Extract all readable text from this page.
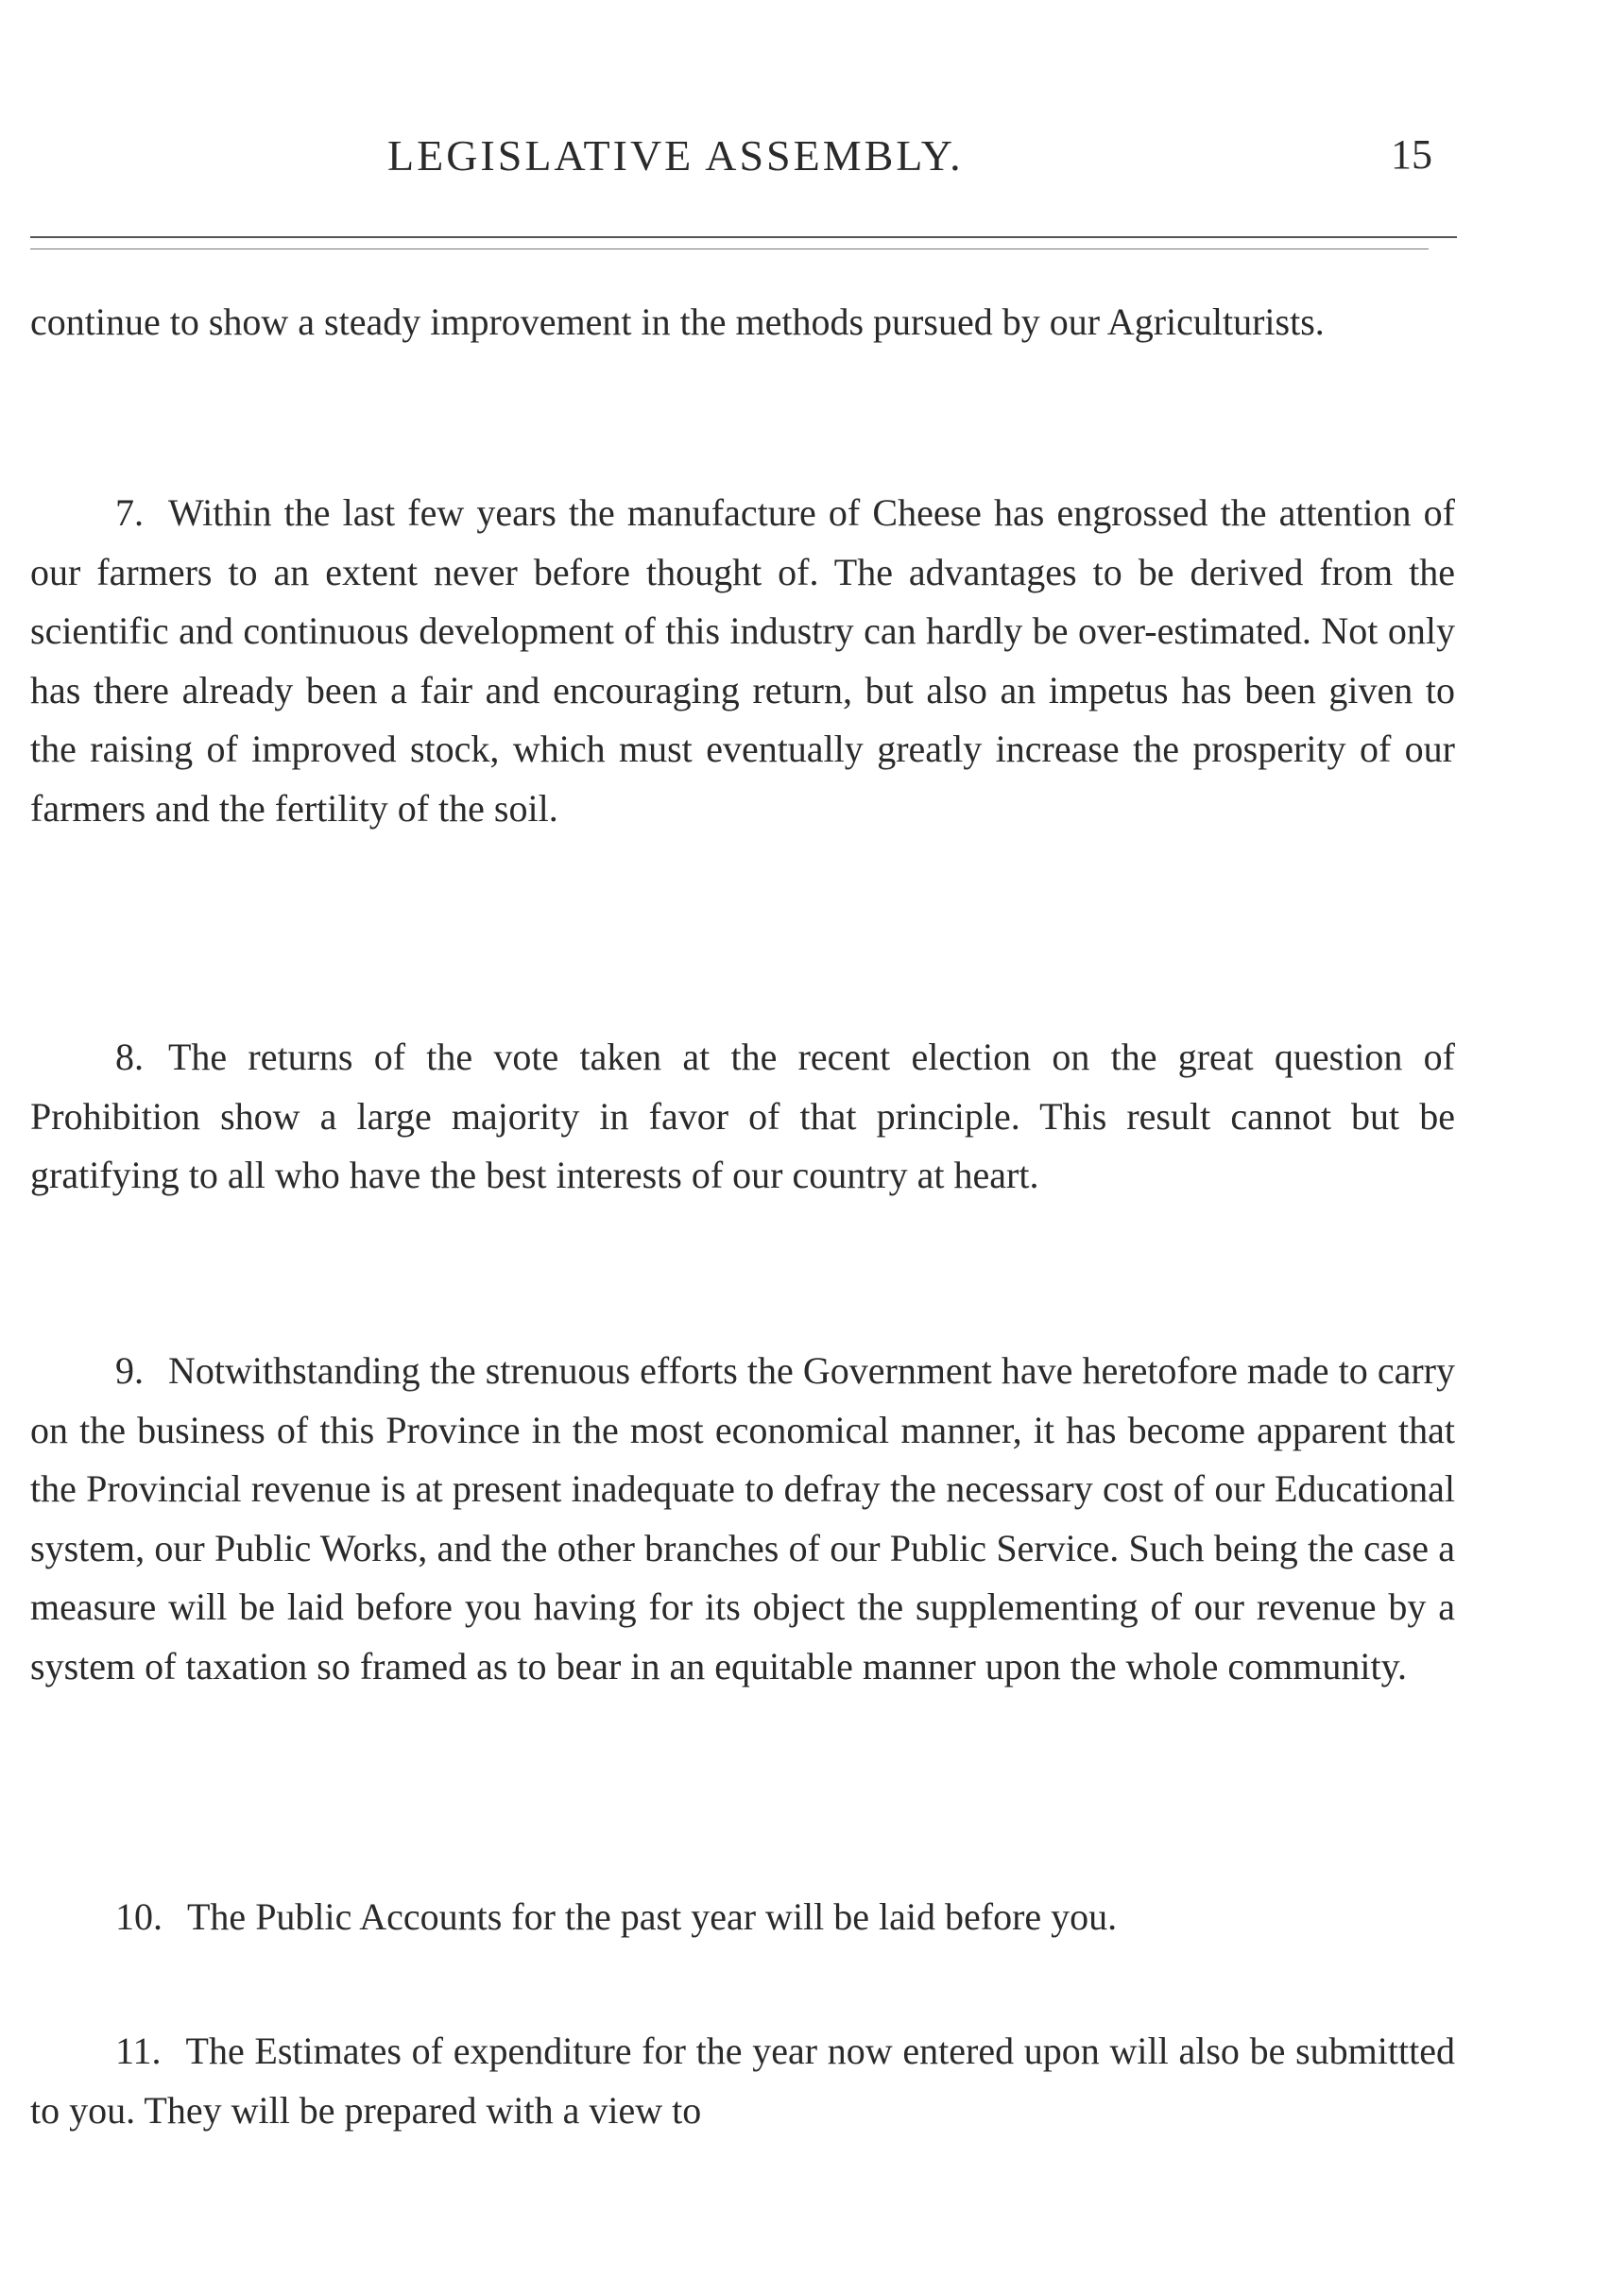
LEGISLATIVE ASSEMBLY.	15

continue to show a steady improvement in the methods pursued by our Agriculturists.

7. Within the last few years the manufacture of Cheese has engrossed the attention of our farmers to an extent never before thought of. The advantages to be derived from the scientific and continuous development of this industry can hardly be over-estimated. Not only has there already been a fair and encouraging return, but also an impetus has been given to the raising of improved stock, which must eventually greatly increase the prosperity of our farmers and the fertility of the soil.

8. The returns of the vote taken at the recent election on the great question of Prohibition show a large majority in favor of that principle. This result cannot but be gratifying to all who have the best interests of our country at heart.

9. Notwithstanding the strenuous efforts the Government have heretofore made to carry on the business of this Province in the most economical manner, it has become apparent that the Provincial revenue is at present inadequate to defray the necessary cost of our Educational system, our Public Works, and the other branches of our Public Service. Such being the case a measure will be laid before you having for its object the supplementing of our revenue by a system of taxation so framed as to bear in an equitable manner upon the whole community.

10. The Public Accounts for the past year will be laid before you.

11. The Estimates of expenditure for the year now entered upon will also be submittted to you. They will be prepared with a view to
